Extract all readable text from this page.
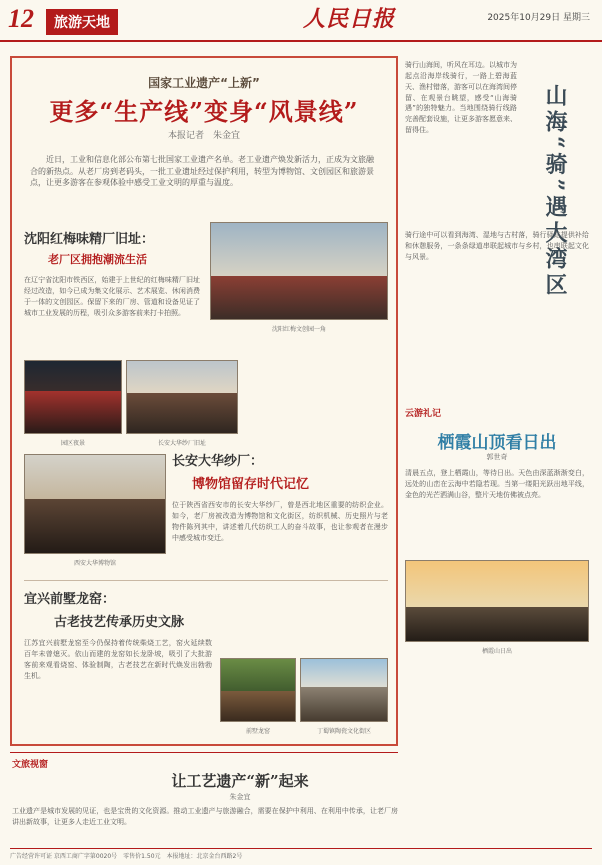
12	旅游天地	人民日报	2025年10月29日 星期三
国家工业遗产“上新”
更多“生产线”变身“风景线”
本报记者　朱金宜
近日，工业和信息化部公布第七批国家工业遗产名单。老工业遗产焕发新活力，正成为文旅融合的新热点。从老厂房到老码头，一批工业遗址经过保护利用，转型为博物馆、文创园区和旅游景点，让更多游客在参观体验中感受工业文明的厚重与温度。
沈阳红梅味精厂旧址：
老厂区拥抱潮流生活
在辽宁省沈阳市铁西区，始建于上世纪的红梅味精厂旧址经过改造，如今已成为集文化展示、艺术展览、休闲消费于一体的文创园区。保留下来的厂房、管道和设备见证了城市工业发展的历程，吸引众多游客前来打卡拍照。
沈阳红梅文创园一角
园区夜景	长安大华纱厂旧址
长安大华纱厂：
博物馆留存时代记忆
位于陕西省西安市的长安大华纱厂，曾是西北地区重要的纺织企业。如今，老厂房被改造为博物馆和文化街区，纺织机械、历史照片与老物件陈列其中，讲述着几代纺织工人的奋斗故事，也让参观者在漫步中感受城市变迁。
西安大华博物馆
宜兴前墅龙窑：
古老技艺传承历史文脉
江苏宜兴前墅龙窑至今仍保持着传统柴烧工艺，窑火延续数百年未曾熄灭。依山而建的龙窑如长龙卧坡，吸引了大批游客前来观看烧窑、体验制陶，古老技艺在新时代焕发出勃勃生机。
前墅龙窑	丁蜀镇陶瓷文化街区
骑行山海间，听风在耳边。以城市为起点沿海岸线骑行，一路上碧海蓝天、渔村错落，游客可以在海湾间停留、在观景台眺望，感受“山海骑遇”的独特魅力。当地围绕骑行线路完善配套设施，让更多游客愿意来、留得住。	山海“骑”遇大湾区
骑行途中可以看到海湾、湿地与古村落，骑行驿站提供补给和休憩服务，一条条绿道串联起城市与乡村，也串联起文化与风景。
云游礼记
栖霞山顶看日出
郭世奇
清晨五点，登上栖霞山，等待日出。天色由深蓝渐渐变白，远处的山峦在云海中若隐若现。当第一缕阳光跃出地平线，金色的光芒洒满山谷，整片天地仿佛被点亮。
栖霞山日出
文旅视窗
让工艺遗产“新”起来
朱金宜
工业遗产是城市发展的见证，也是宝贵的文化资源。推动工业遗产与旅游融合，需要在保护中利用、在利用中传承，让老厂房讲出新故事，让更多人走近工业文明。
广告经营许可证 京西工商广字第0020号　零售价1.50元　本报地址：北京金台西路2号
